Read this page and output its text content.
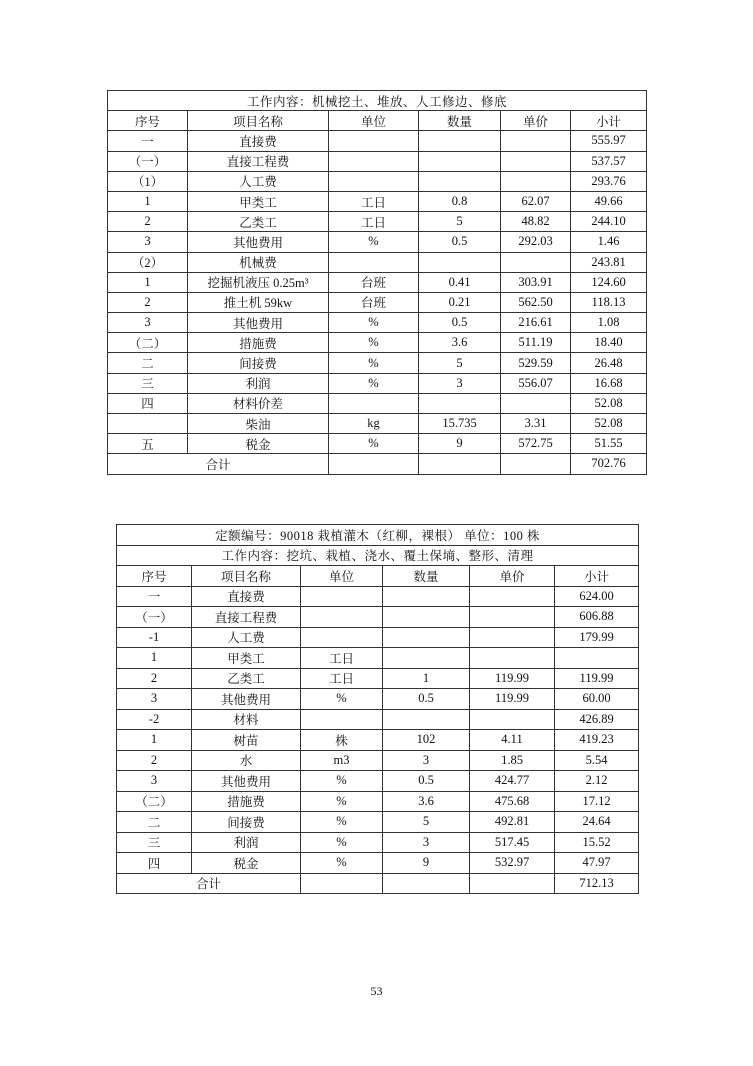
工作内容：机械挖土、堆放、人工修边、修底					
序号	项目名称	单位	数量	单价	小计
一	直接费				555.97
（一）	直接工程费				537.57
（1）	人工费				293.76
1	甲类工	工日	0.8	62.07	49.66
2	乙类工	工日	5	48.82	244.10
3	其他费用	%	0.5	292.03	1.46
（2）	机械费				243.81
1	挖掘机液压 0.25m³	台班	0.41	303.91	124.60
2	推土机 59kw	台班	0.21	562.50	118.13
3	其他费用	%	0.5	216.61	1.08
（二）	措施费	%	3.6	511.19	18.40
二	间接费	%	5	529.59	26.48
三	利润	%	3	556.07	16.68
四	材料价差				52.08
	柴油	kg	15.735	3.31	52.08
五	税金	%	9	572.75	51.55
合计					702.76
定额编号：90018 栽植灌木（红柳，裸根） 单位：100 株					
工作内容：挖坑、栽植、浇水、覆土保墒、整形、清理					
序号	项目名称	单位	数量	单价	小计
一	直接费				624.00
（一）	直接工程费				606.88
-1	人工费				179.99
1	甲类工	工日			
2	乙类工	工日	1	119.99	119.99
3	其他费用	%	0.5	119.99	60.00
-2	材料				426.89
1	树苗	株	102	4.11	419.23
2	水	m3	3	1.85	5.54
3	其他费用	%	0.5	424.77	2.12
（二）	措施费	%	3.6	475.68	17.12
二	间接费	%	5	492.81	24.64
三	利润	%	3	517.45	15.52
四	税金	%	9	532.97	47.97
合计					712.13
53
